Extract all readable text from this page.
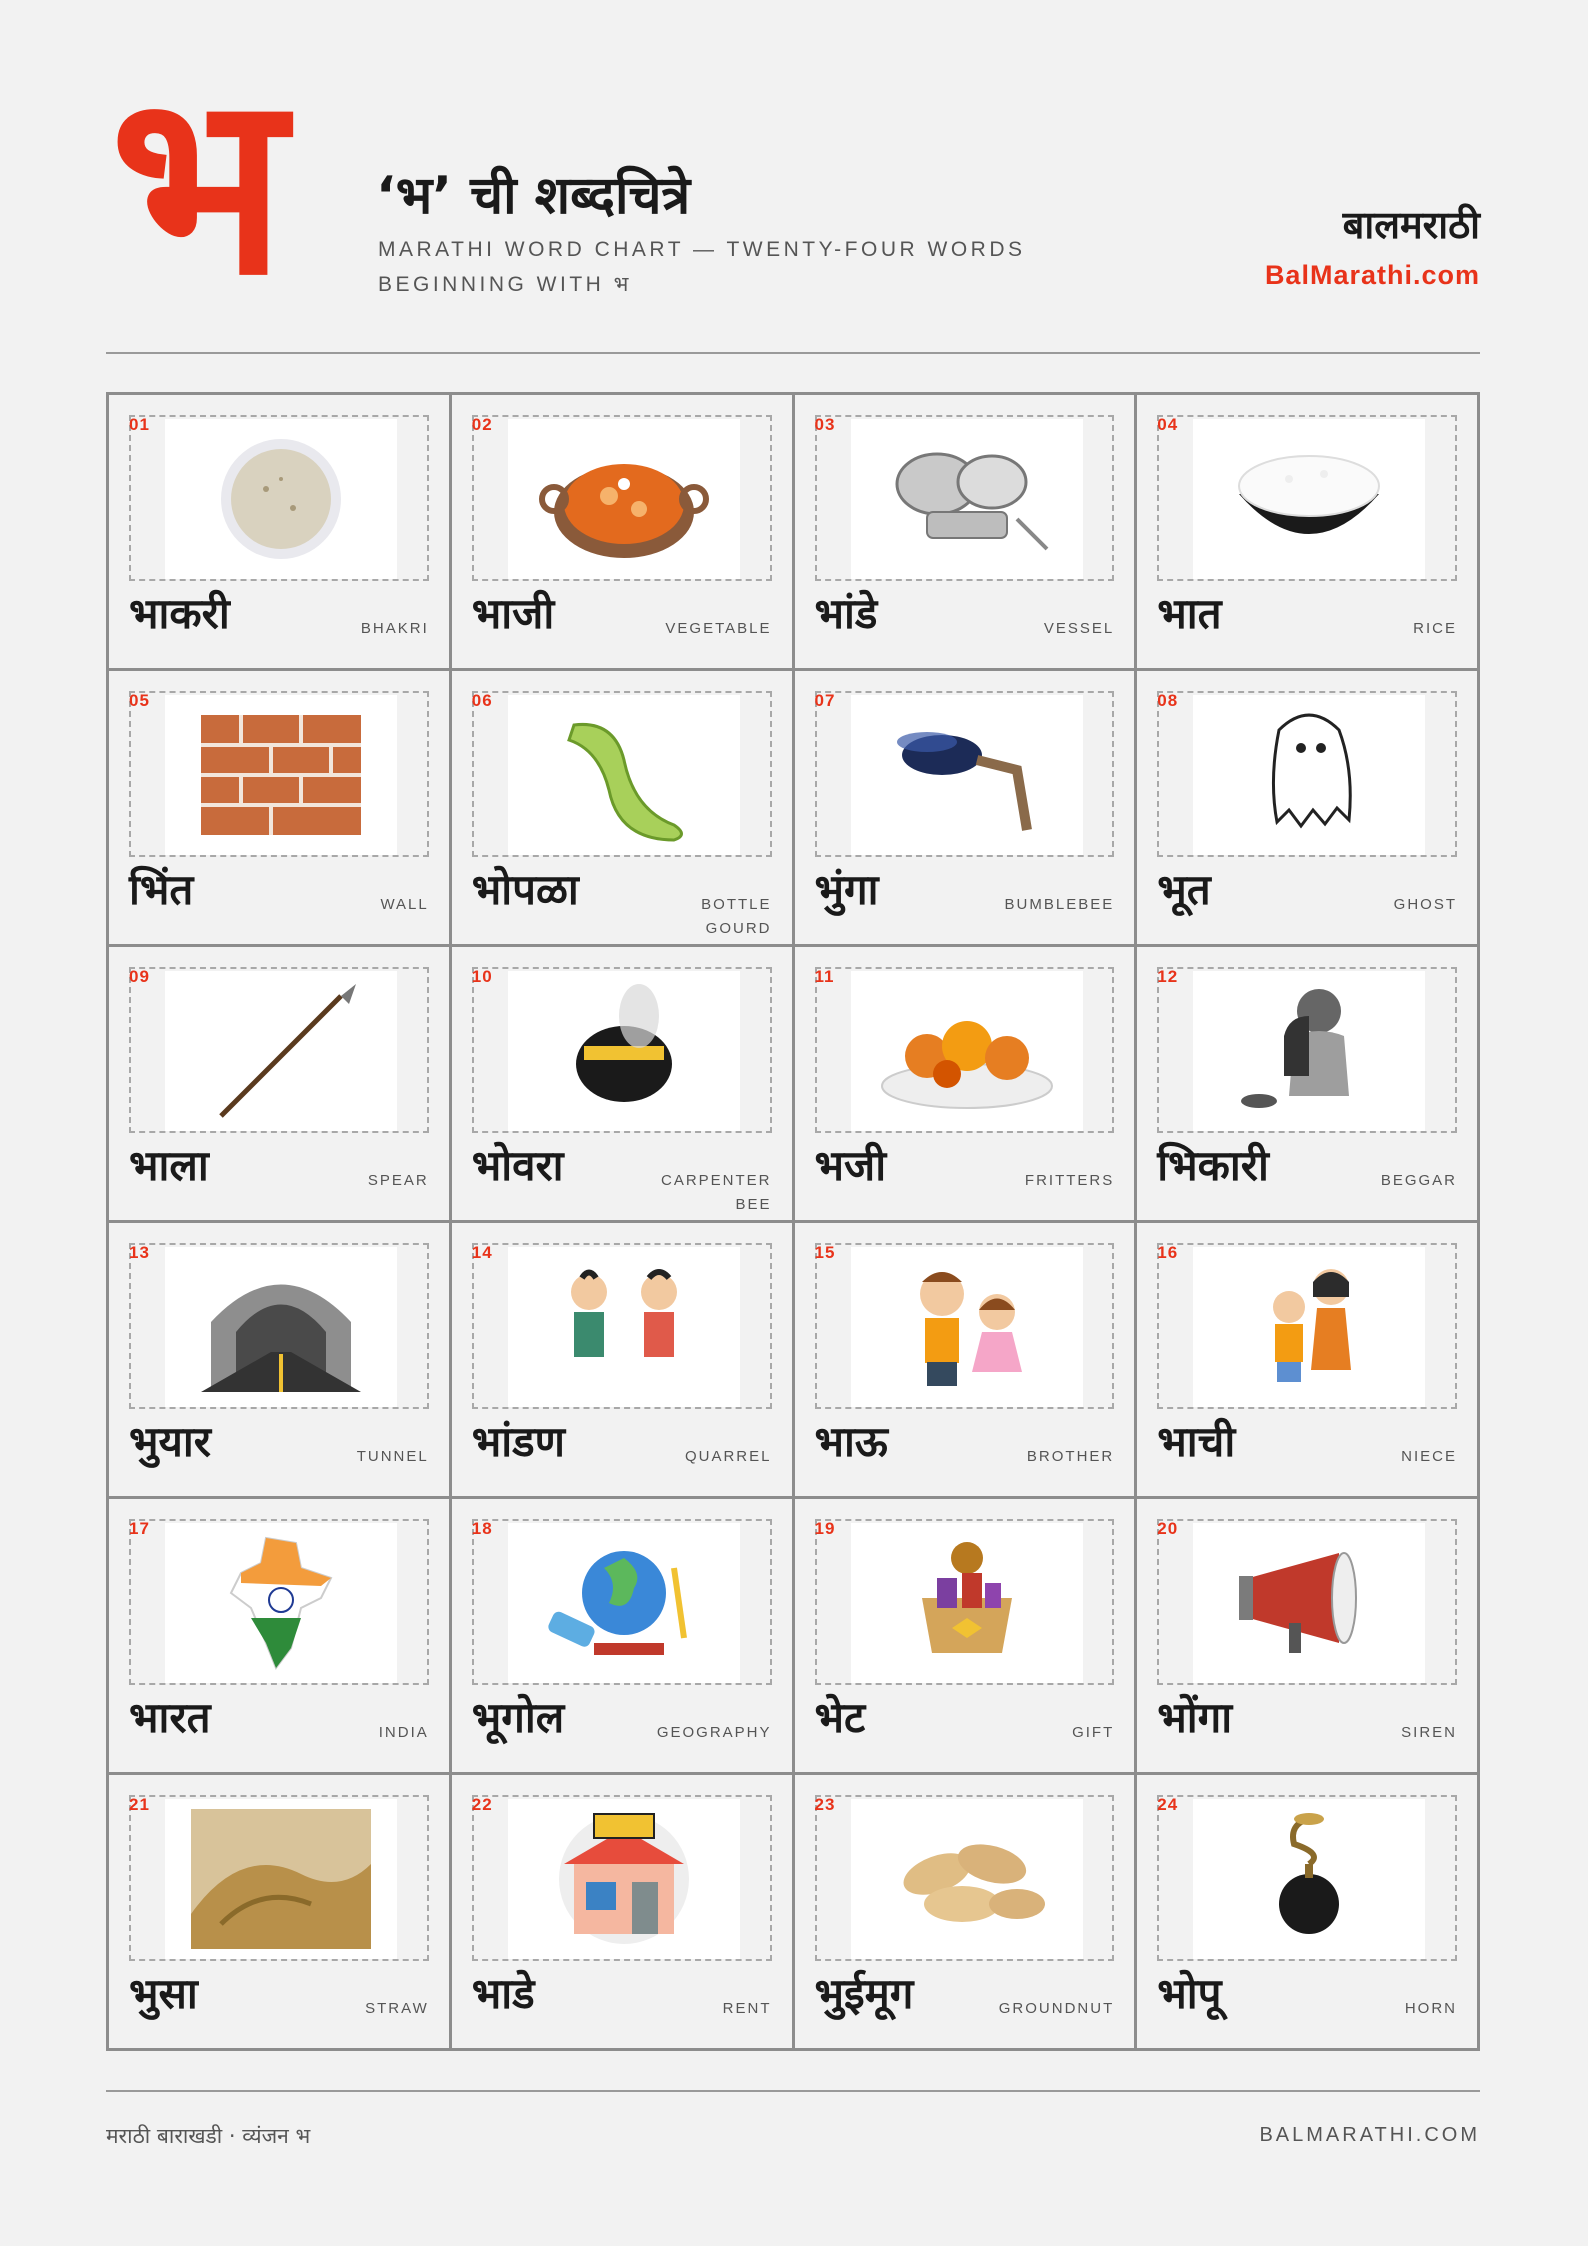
भ ‘भ’ ची शब्दचित्रे
MARATHI WORD CHART — TWENTY-FOUR WORDS BEGINNING WITH भ
बालमराठी
BalMarathi.com
01
भाकरी	BHAKRI
02
भाजी	VEGETABLE
03
भांडे	VESSEL
04
भात	RICE
05
भिंत	WALL
06
भोपळा	BOTTLE GOURD
07
भुंगा	BUMBLEBEE
08
भूत	GHOST
09
भाला	SPEAR
10
भोवरा	CARPENTER BEE
11
भजी	FRITTERS
12
भिकारी	BEGGAR
13
भुयार	TUNNEL
14
भांडण	QUARREL
15
भाऊ	BROTHER
16
भाची	NIECE
17
भारत	INDIA
18
भूगोल	GEOGRAPHY
19
भेट	GIFT
20
भोंगा	SIREN
21
भुसा	STRAW
22
भाडे	RENT
23
भुईमूग	GROUNDNUT
24
भोपू	HORN
मराठी बाराखडी · व्यंजन भ	BALMARATHI.COM
